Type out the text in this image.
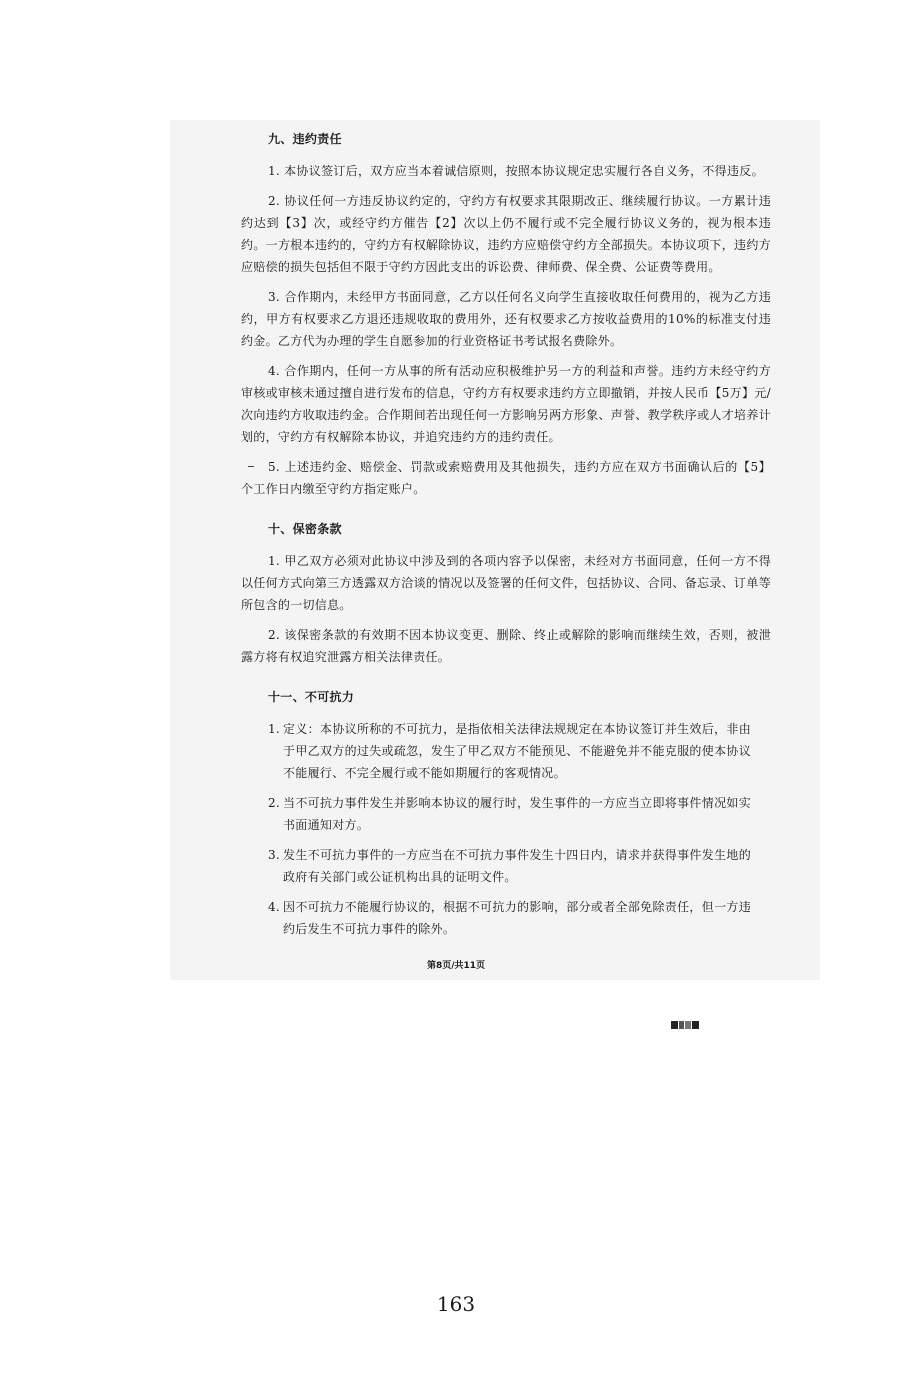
九、违约责任

1. 本协议签订后，双方应当本着诚信原则，按照本协议规定忠实履行各自义务，不得违反。

2. 协议任何一方违反协议约定的，守约方有权要求其限期改正、继续履行协议。一方累计违约达到【3】次，或经守约方催告【2】次以上仍不履行或不完全履行协议义务的，视为根本违约。一方根本违约的，守约方有权解除协议，违约方应赔偿守约方全部损失。本协议项下，违约方应赔偿的损失包括但不限于守约方因此支出的诉讼费、律师费、保全费、公证费等费用。

3. 合作期内，未经甲方书面同意，乙方以任何名义向学生直接收取任何费用的，视为乙方违约，甲方有权要求乙方退还违规收取的费用外，还有权要求乙方按收益费用的10%的标准支付违约金。乙方代为办理的学生自愿参加的行业资格证书考试报名费除外。

4. 合作期内，任何一方从事的所有活动应积极维护另一方的利益和声誉。违约方未经守约方审核或审核未通过擅自进行发布的信息，守约方有权要求违约方立即撤销，并按人民币【5万】元/次向违约方收取违约金。合作期间若出现任何一方影响另两方形象、声誉、教学秩序或人才培养计划的，守约方有权解除本协议，并追究违约方的违约责任。

5. 上述违约金、赔偿金、罚款或索赔费用及其他损失，违约方应在双方书面确认后的【5】个工作日内缴至守约方指定账户。

十、保密条款

1. 甲乙双方必须对此协议中涉及到的各项内容予以保密，未经对方书面同意，任何一方不得以任何方式向第三方透露双方洽谈的情况以及签署的任何文件，包括协议、合同、备忘录、订单等所包含的一切信息。

2. 该保密条款的有效期不因本协议变更、删除、终止或解除的影响而继续生效，否则，被泄露方将有权追究泄露方相关法律责任。

十一、不可抗力
1. 定义：本协议所称的不可抗力，是指依相关法律法规规定在本协议签订并生效后，非由于甲乙双方的过失或疏忽，发生了甲乙双方不能预见、不能避免并不能克服的使本协议不能履行、不完全履行或不能如期履行的客观情况。
2. 当不可抗力事件发生并影响本协议的履行时，发生事件的一方应当立即将事件情况如实书面通知对方。
3. 发生不可抗力事件的一方应当在不可抗力事件发生十四日内，请求并获得事件发生地的政府有关部门或公证机构出具的证明文件。
4. 因不可抗力不能履行协议的，根据不可抗力的影响，部分或者全部免除责任，但一方违约后发生不可抗力事件的除外。
第8页/共11页
163
